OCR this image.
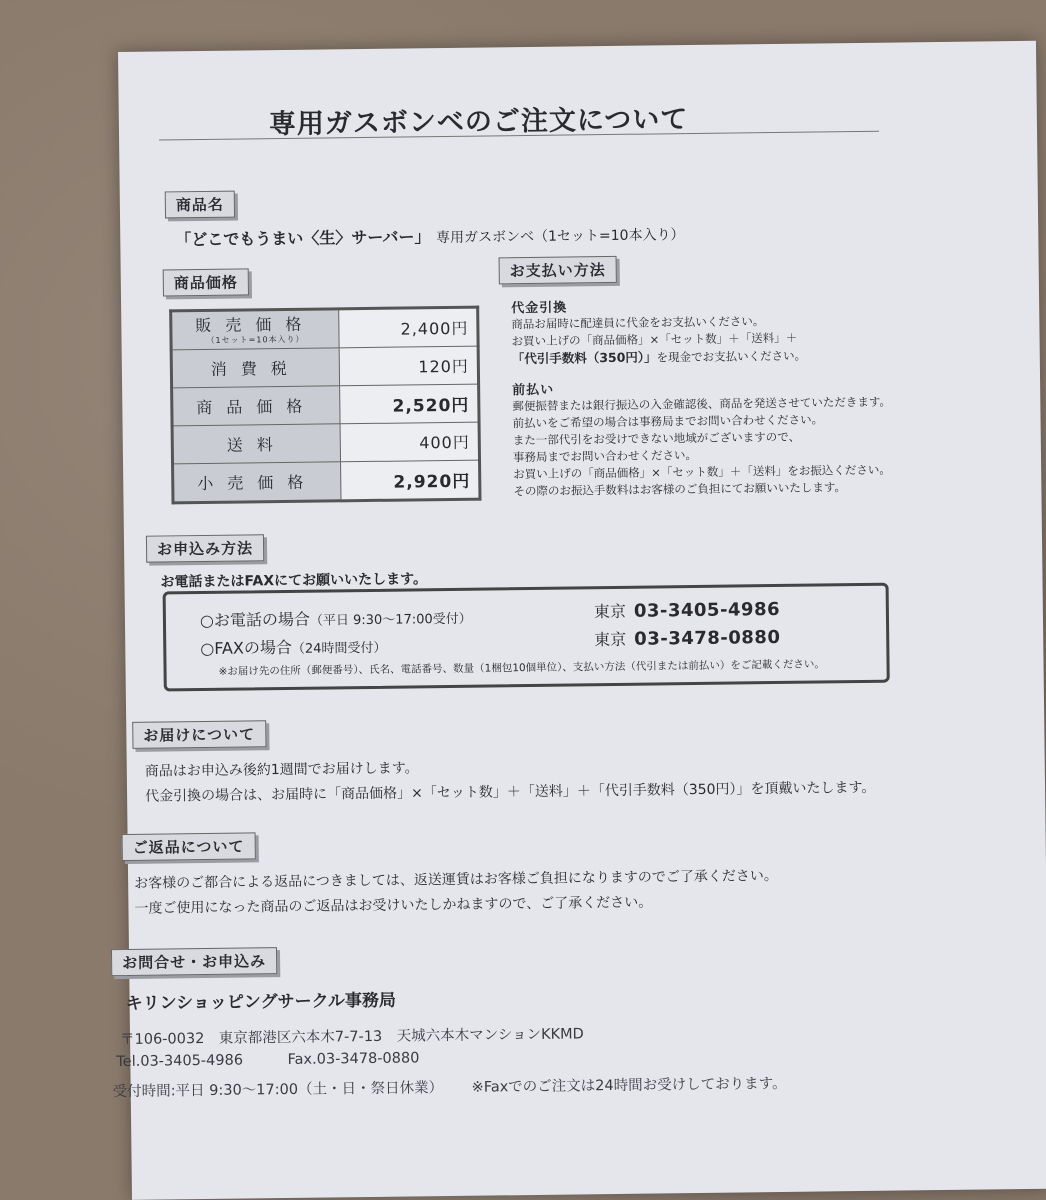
専用ガスボンベのご注文について
商品名
「どこでもうまい〈生〉サーバー」 専用ガスボンベ（1セット=10本入り）
商品価格
販売価格
（1セット=10本入り）	2,400円
消費税	120円
商品価格	2,520円
送料	400円
小売価格	2,920円
お支払い方法
代金引換
商品お届時に配達員に代金をお支払いください。
お買い上げの「商品価格」×「セット数」＋「送料」＋
「代引手数料（350円）」を現金でお支払いください。
前払い
郵便振替または銀行振込の入金確認後、商品を発送させていただきます。
前払いをご希望の場合は事務局までお問い合わせください。
また一部代引をお受けできない地域がございますので、
事務局までお問い合わせください。
お買い上げの「商品価格」×「セット数」＋「送料」をお振込ください。
その際のお振込手数料はお客様のご負担にてお願いいたします。
お申込み方法
お電話またはFAXにてお願いいたします。
○お電話の場合（平日 9:30〜17:00受付）	東京 03-3405-4986
○FAXの場合（24時間受付）	東京 03-3478-0880
※お届け先の住所（郵便番号）、氏名、電話番号、数量（1梱包10個単位）、支払い方法（代引または前払い）をご記載ください。
お届けについて
商品はお申込み後約1週間でお届けします。
代金引換の場合は、お届時に「商品価格」×「セット数」＋「送料」＋「代引手数料（350円）」を頂戴いたします。
ご返品について
お客様のご都合による返品につきましては、返送運賃はお客様ご負担になりますのでご了承ください。
一度ご使用になった商品のご返品はお受けいたしかねますので、ご了承ください。
お問合せ・お申込み
キリンショッピングサークル事務局
〒106-0032　東京都港区六本木7-7-13　天城六本木マンションKKMD
Tel.03-3405-4986	Fax.03-3478-0880
受付時間:平日 9:30〜17:00（土・日・祭日休業） ※Faxでのご注文は24時間お受けしております。
